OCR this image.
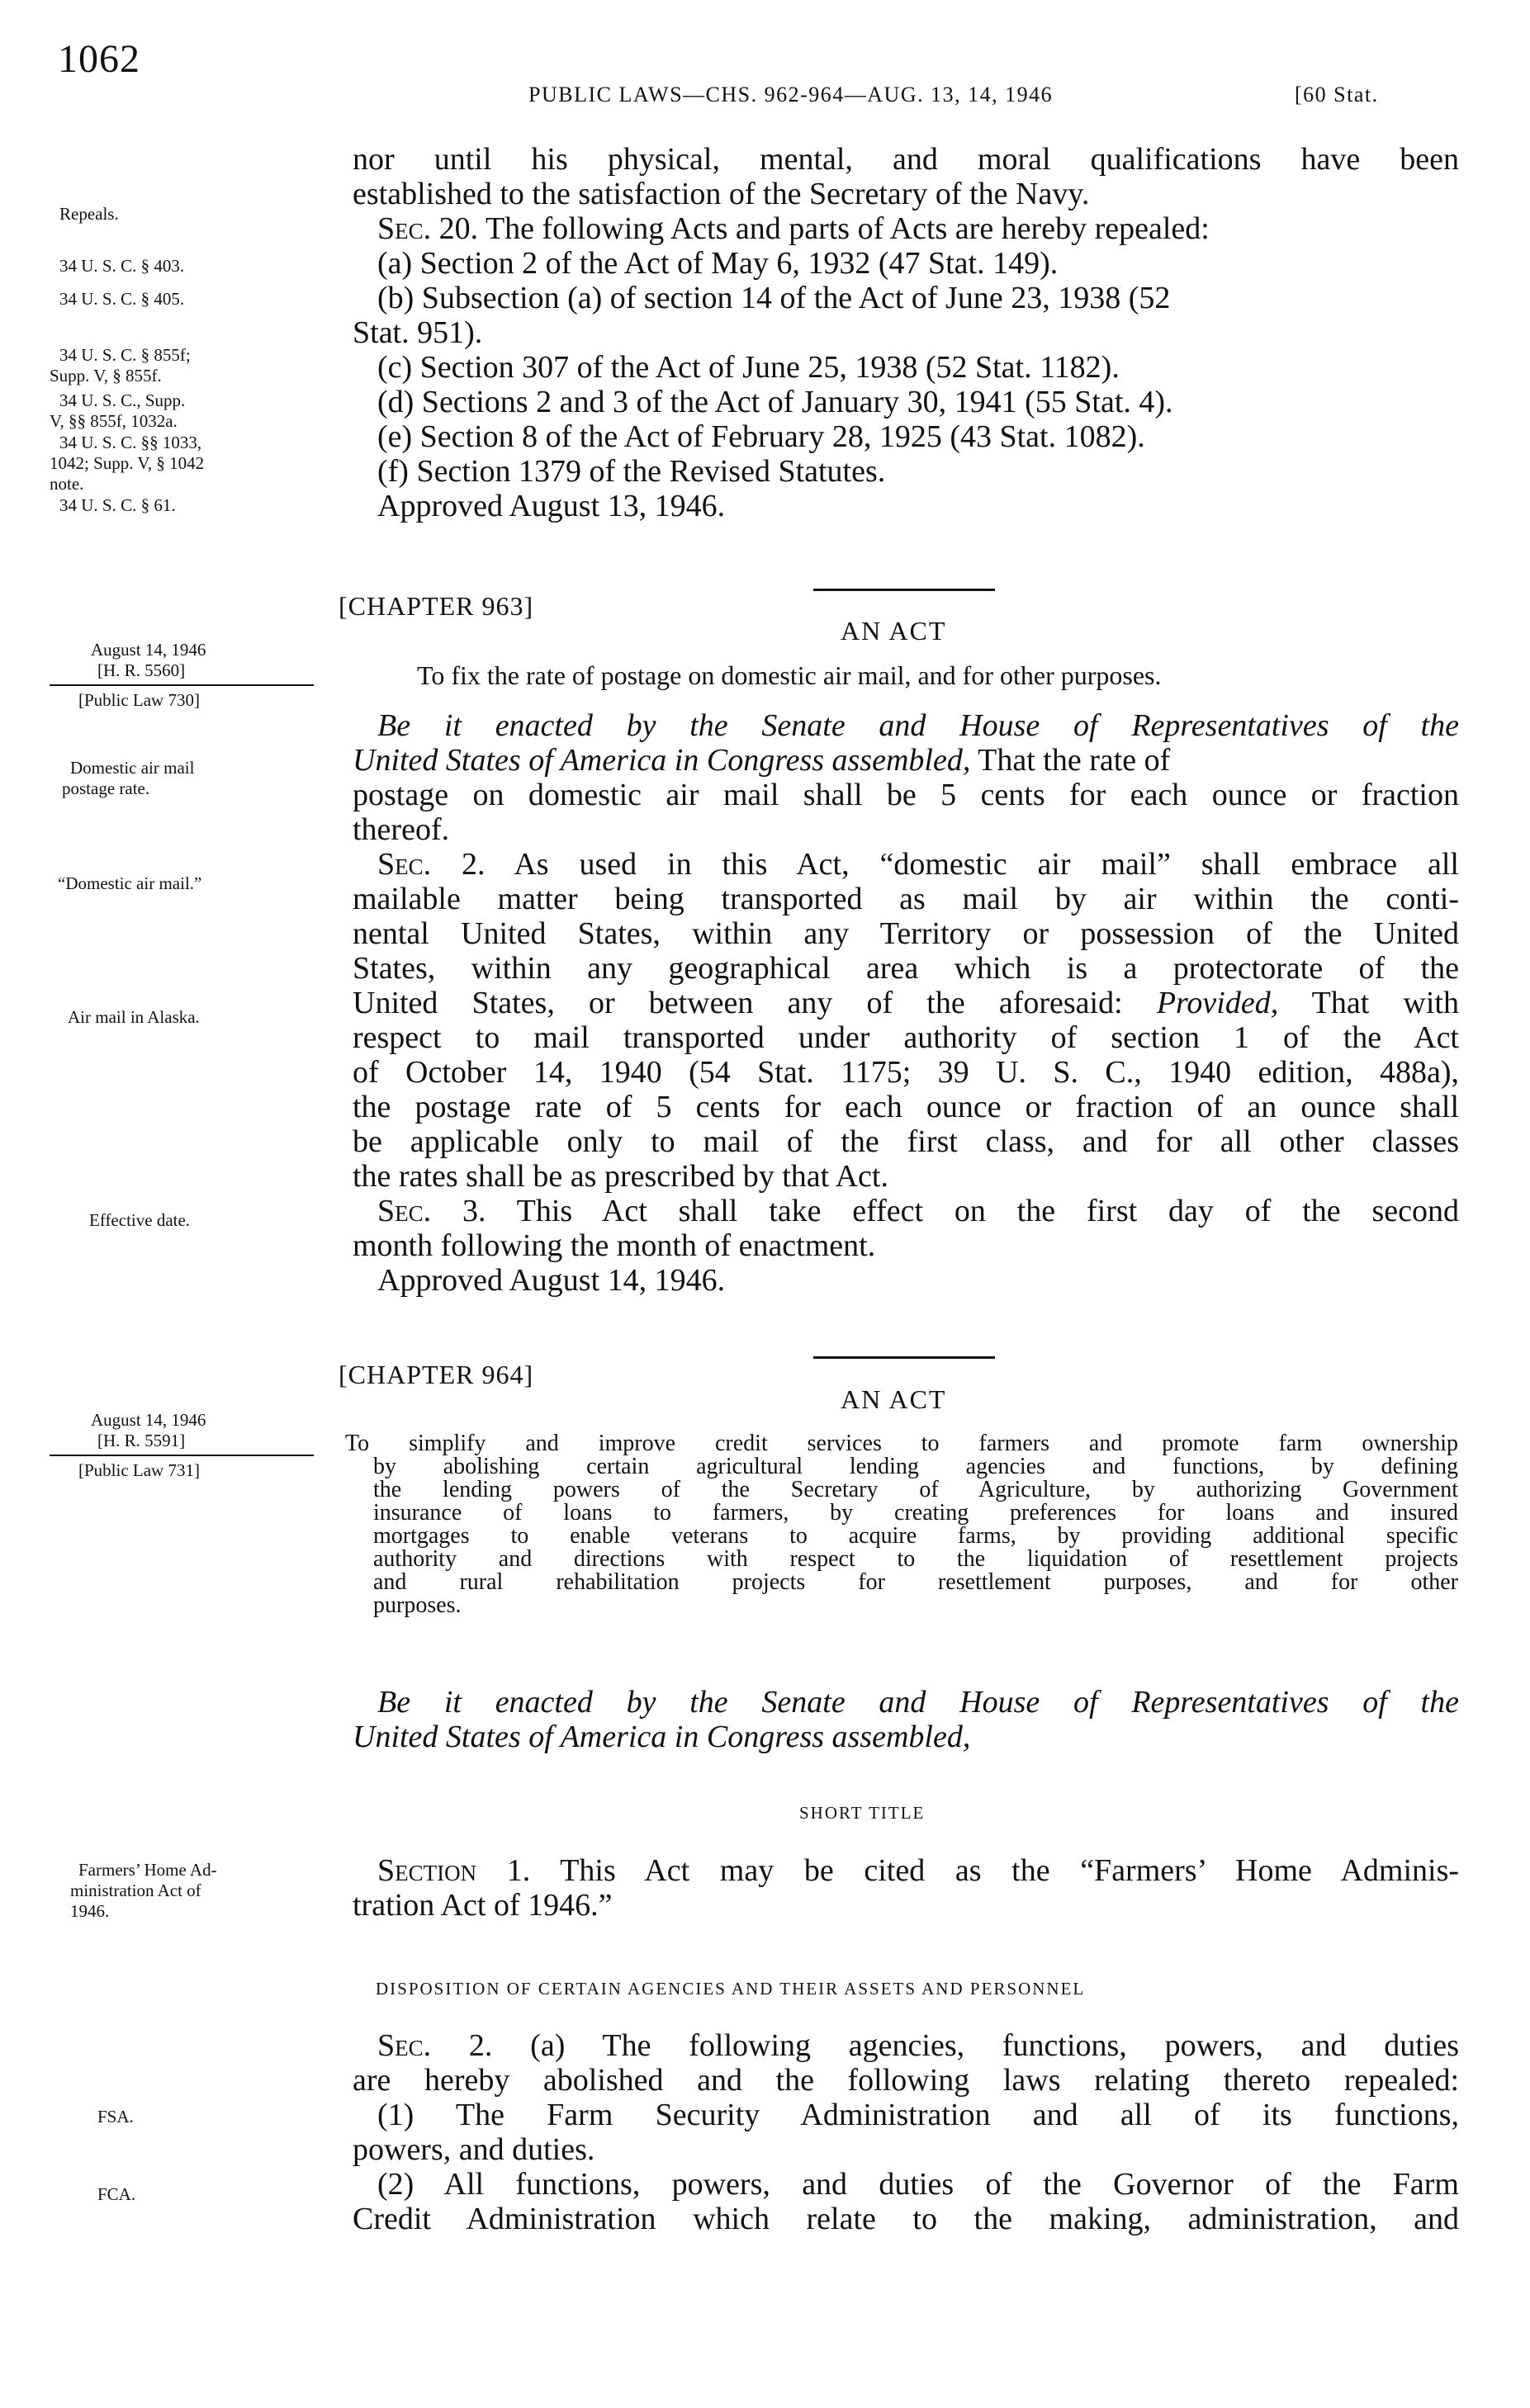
1062
PUBLIC LAWS—CHS. 962-964—AUG. 13, 14, 1946	[60 Stat.
Repeals.
34 U. S. C. § 403.
34 U. S. C. § 405.
34 U. S. C. § 855f;
Supp. V, § 855f.
34 U. S. C., Supp.
V, §§ 855f, 1032a.
34 U. S. C. §§ 1033,
1042; Supp. V, § 1042
note.
34 U. S. C. § 61.
August 14, 1946
[H. R. 5560]
[Public Law 730]
Domestic air mail
postage rate.
“Domestic air mail.”
Air mail in Alaska.
Effective date.
August 14, 1946
[H. R. 5591]
[Public Law 731]
Farmers’ Home Ad-
ministration Act of
1946.
FSA.
FCA.
nor until his physical, mental, and moral qualifications have been
established to the satisfaction of the Secretary of the Navy.
Sec. 20. The following Acts and parts of Acts are hereby repealed:
(a) Section 2 of the Act of May 6, 1932 (47 Stat. 149).
(b) Subsection (a) of section 14 of the Act of June 23, 1938 (52
Stat. 951).
(c) Section 307 of the Act of June 25, 1938 (52 Stat. 1182).
(d) Sections 2 and 3 of the Act of January 30, 1941 (55 Stat. 4).
(e) Section 8 of the Act of February 28, 1925 (43 Stat. 1082).
(f) Section 1379 of the Revised Statutes.
Approved August 13, 1946.
[CHAPTER 963]
AN ACT
To fix the rate of postage on domestic air mail, and for other purposes.
Be it enacted by the Senate and House of Representatives of the
United States of America in Congress assembled, That the rate of
postage on domestic air mail shall be 5 cents for each ounce or fraction
thereof.
Sec. 2. As used in this Act, “domestic air mail” shall embrace all
mailable matter being transported as mail by air within the conti-
nental United States, within any Territory or possession of the United
States, within any geographical area which is a protectorate of the
United States, or between any of the aforesaid: Provided, That with
respect to mail transported under authority of section 1 of the Act
of October 14, 1940 (54 Stat. 1175; 39 U. S. C., 1940 edition, 488a),
the postage rate of 5 cents for each ounce or fraction of an ounce shall
be applicable only to mail of the first class, and for all other classes
the rates shall be as prescribed by that Act.
Sec. 3. This Act shall take effect on the first day of the second
month following the month of enactment.
Approved August 14, 1946.
[CHAPTER 964]
AN ACT
To simplify and improve credit services to farmers and promote farm ownership
by abolishing certain agricultural lending agencies and functions, by defining
the lending powers of the Secretary of Agriculture, by authorizing Government
insurance of loans to farmers, by creating preferences for loans and insured
mortgages to enable veterans to acquire farms, by providing additional specific
authority and directions with respect to the liquidation of resettlement projects
and rural rehabilitation projects for resettlement purposes, and for other
purposes.
Be it enacted by the Senate and House of Representatives of the
United States of America in Congress assembled,
SHORT TITLE
Section 1. This Act may be cited as the “Farmers’ Home Adminis-
tration Act of 1946.”
DISPOSITION OF CERTAIN AGENCIES AND THEIR ASSETS AND PERSONNEL
Sec. 2. (a) The following agencies, functions, powers, and duties
are hereby abolished and the following laws relating thereto repealed:
(1) The Farm Security Administration and all of its functions,
powers, and duties.
(2) All functions, powers, and duties of the Governor of the Farm
Credit Administration which relate to the making, administration, and
